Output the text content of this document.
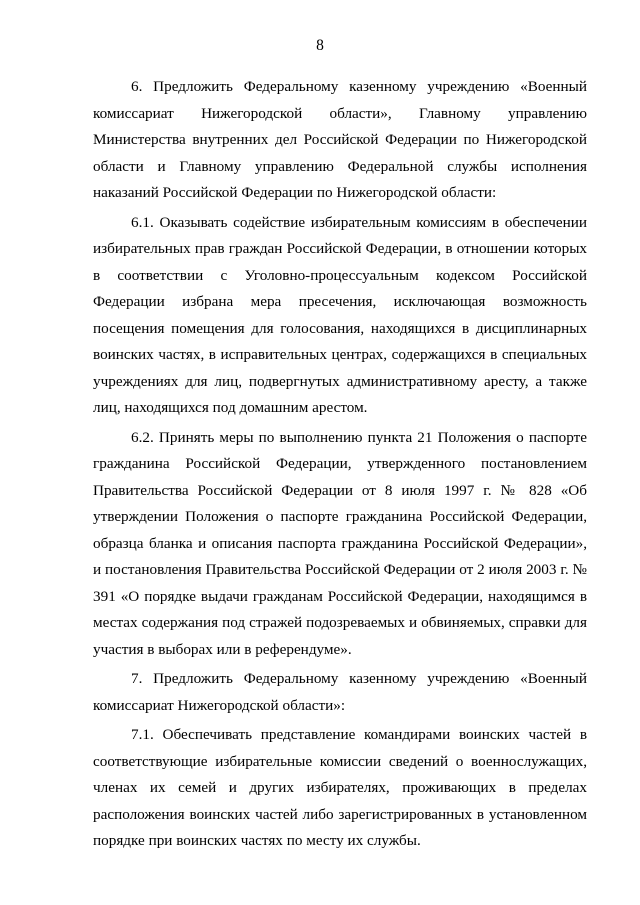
8

6. Предложить Федеральному казенному учреждению «Военный комиссариат Нижегородской области», Главному управлению Министерства внутренних дел Российской Федерации по Нижегородской области и Главному управлению Федеральной службы исполнения наказаний Российской Федерации по Нижегородской области:

6.1. Оказывать содействие избирательным комиссиям в обеспечении избирательных прав граждан Российской Федерации, в отношении которых в соответствии с Уголовно-процессуальным кодексом Российской Федерации избрана мера пресечения, исключающая возможность посещения помещения для голосования, находящихся в дисциплинарных воинских частях, в исправительных центрах, содержащихся в специальных учреждениях для лиц, подвергнутых административному аресту, а также лиц, находящихся под домашним арестом.

6.2. Принять меры по выполнению пункта 21 Положения о паспорте гражданина Российской Федерации, утвержденного постановлением Правительства Российской Федерации от 8 июля 1997 г. № 828 «Об утверждении Положения о паспорте гражданина Российской Федерации, образца бланка и описания паспорта гражданина Российской Федерации», и постановления Правительства Российской Федерации от 2 июля 2003 г. № 391 «О порядке выдачи гражданам Российской Федерации, находящимся в местах содержания под стражей подозреваемых и обвиняемых, справки для участия в выборах или в референдуме».

7. Предложить Федеральному казенному учреждению «Военный комиссариат Нижегородской области»:

7.1. Обеспечивать представление командирами воинских частей в соответствующие избирательные комиссии сведений о военнослужащих, членах их семей и других избирателях, проживающих в пределах расположения воинских частей либо зарегистрированных в установленном порядке при воинских частях по месту их службы.
